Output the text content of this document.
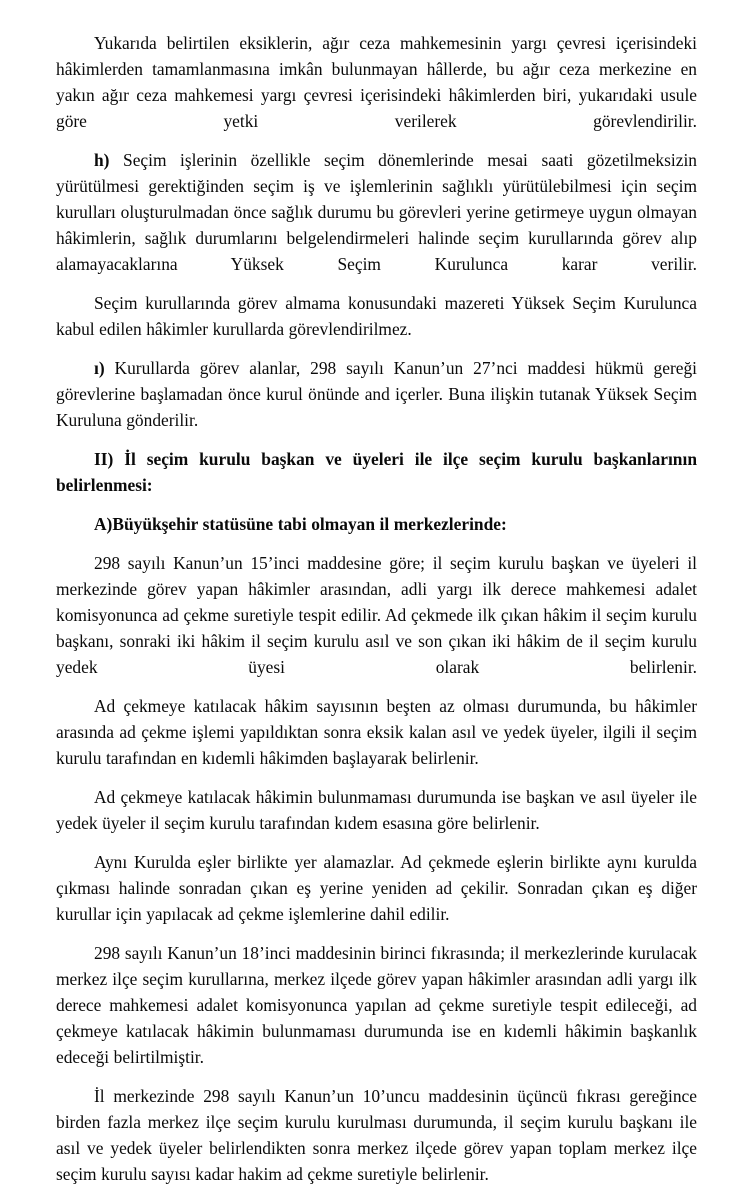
Yukarıda belirtilen eksiklerin, ağır ceza mahkemesinin yargı çevresi içerisindeki hâkimlerden tamamlanmasına imkân bulunmayan hâllerde, bu ağır ceza merkezine en yakın ağır ceza mahkemesi yargı çevresi içerisindeki hâkimlerden biri, yukarıdaki usule göre yetki verilerek görevlendirilir.

h) Seçim işlerinin özellikle seçim dönemlerinde mesai saati gözetilmeksizin yürütülmesi gerektiğinden seçim iş ve işlemlerinin sağlıklı yürütülebilmesi için seçim kurulları oluşturulmadan önce sağlık durumu bu görevleri yerine getirmeye uygun olmayan hâkimlerin, sağlık durumlarını belgelendirmeleri halinde seçim kurullarında görev alıp alamayacaklarına Yüksek Seçim Kurulunca karar verilir.

Seçim kurullarında görev almama konusundaki mazereti Yüksek Seçim Kurulunca kabul edilen hâkimler kurullarda görevlendirilmez.

ı) Kurullarda görev alanlar, 298 sayılı Kanun’un 27’nci maddesi hükmü gereği görevlerine başlamadan önce kurul önünde and içerler. Buna ilişkin tutanak Yüksek Seçim Kuruluna gönderilir.

II) İl seçim kurulu başkan ve üyeleri ile ilçe seçim kurulu başkanlarının belirlenmesi:

A)Büyükşehir statüsüne tabi olmayan il merkezlerinde:

298 sayılı Kanun’un 15’inci maddesine göre; il seçim kurulu başkan ve üyeleri il merkezinde görev yapan hâkimler arasından, adli yargı ilk derece mahkemesi adalet komisyonunca ad çekme suretiyle tespit edilir. Ad çekmede ilk çıkan hâkim il seçim kurulu başkanı, sonraki iki hâkim il seçim kurulu asıl ve son çıkan iki hâkim de il seçim kurulu yedek üyesi olarak belirlenir.

Ad çekmeye katılacak hâkim sayısının beşten az olması durumunda, bu hâkimler arasında ad çekme işlemi yapıldıktan sonra eksik kalan asıl ve yedek üyeler, ilgili il seçim kurulu tarafından en kıdemli hâkimden başlayarak belirlenir.

Ad çekmeye katılacak hâkimin bulunmaması durumunda ise başkan ve asıl üyeler ile yedek üyeler il seçim kurulu tarafından kıdem esasına göre belirlenir.

Aynı Kurulda eşler birlikte yer alamazlar. Ad çekmede eşlerin birlikte aynı kurulda çıkması halinde sonradan çıkan eş yerine yeniden ad çekilir. Sonradan çıkan eş diğer kurullar için yapılacak ad çekme işlemlerine dahil edilir.

298 sayılı Kanun’un 18’inci maddesinin birinci fıkrasında; il merkezlerinde kurulacak merkez ilçe seçim kurullarına, merkez ilçede görev yapan hâkimler arasından adli yargı ilk derece mahkemesi adalet komisyonunca yapılan ad çekme suretiyle tespit edileceği, ad çekmeye katılacak hâkimin bulunmaması durumunda ise en kıdemli hâkimin başkanlık edeceği belirtilmiştir.

İl merkezinde 298 sayılı Kanun’un 10’uncu maddesinin üçüncü fıkrası gereğince birden fazla merkez ilçe seçim kurulu kurulması durumunda, il seçim kurulu başkanı ile asıl ve yedek üyeler belirlendikten sonra merkez ilçede görev yapan toplam merkez ilçe seçim kurulu sayısı kadar hakim ad çekme suretiyle belirlenir.
